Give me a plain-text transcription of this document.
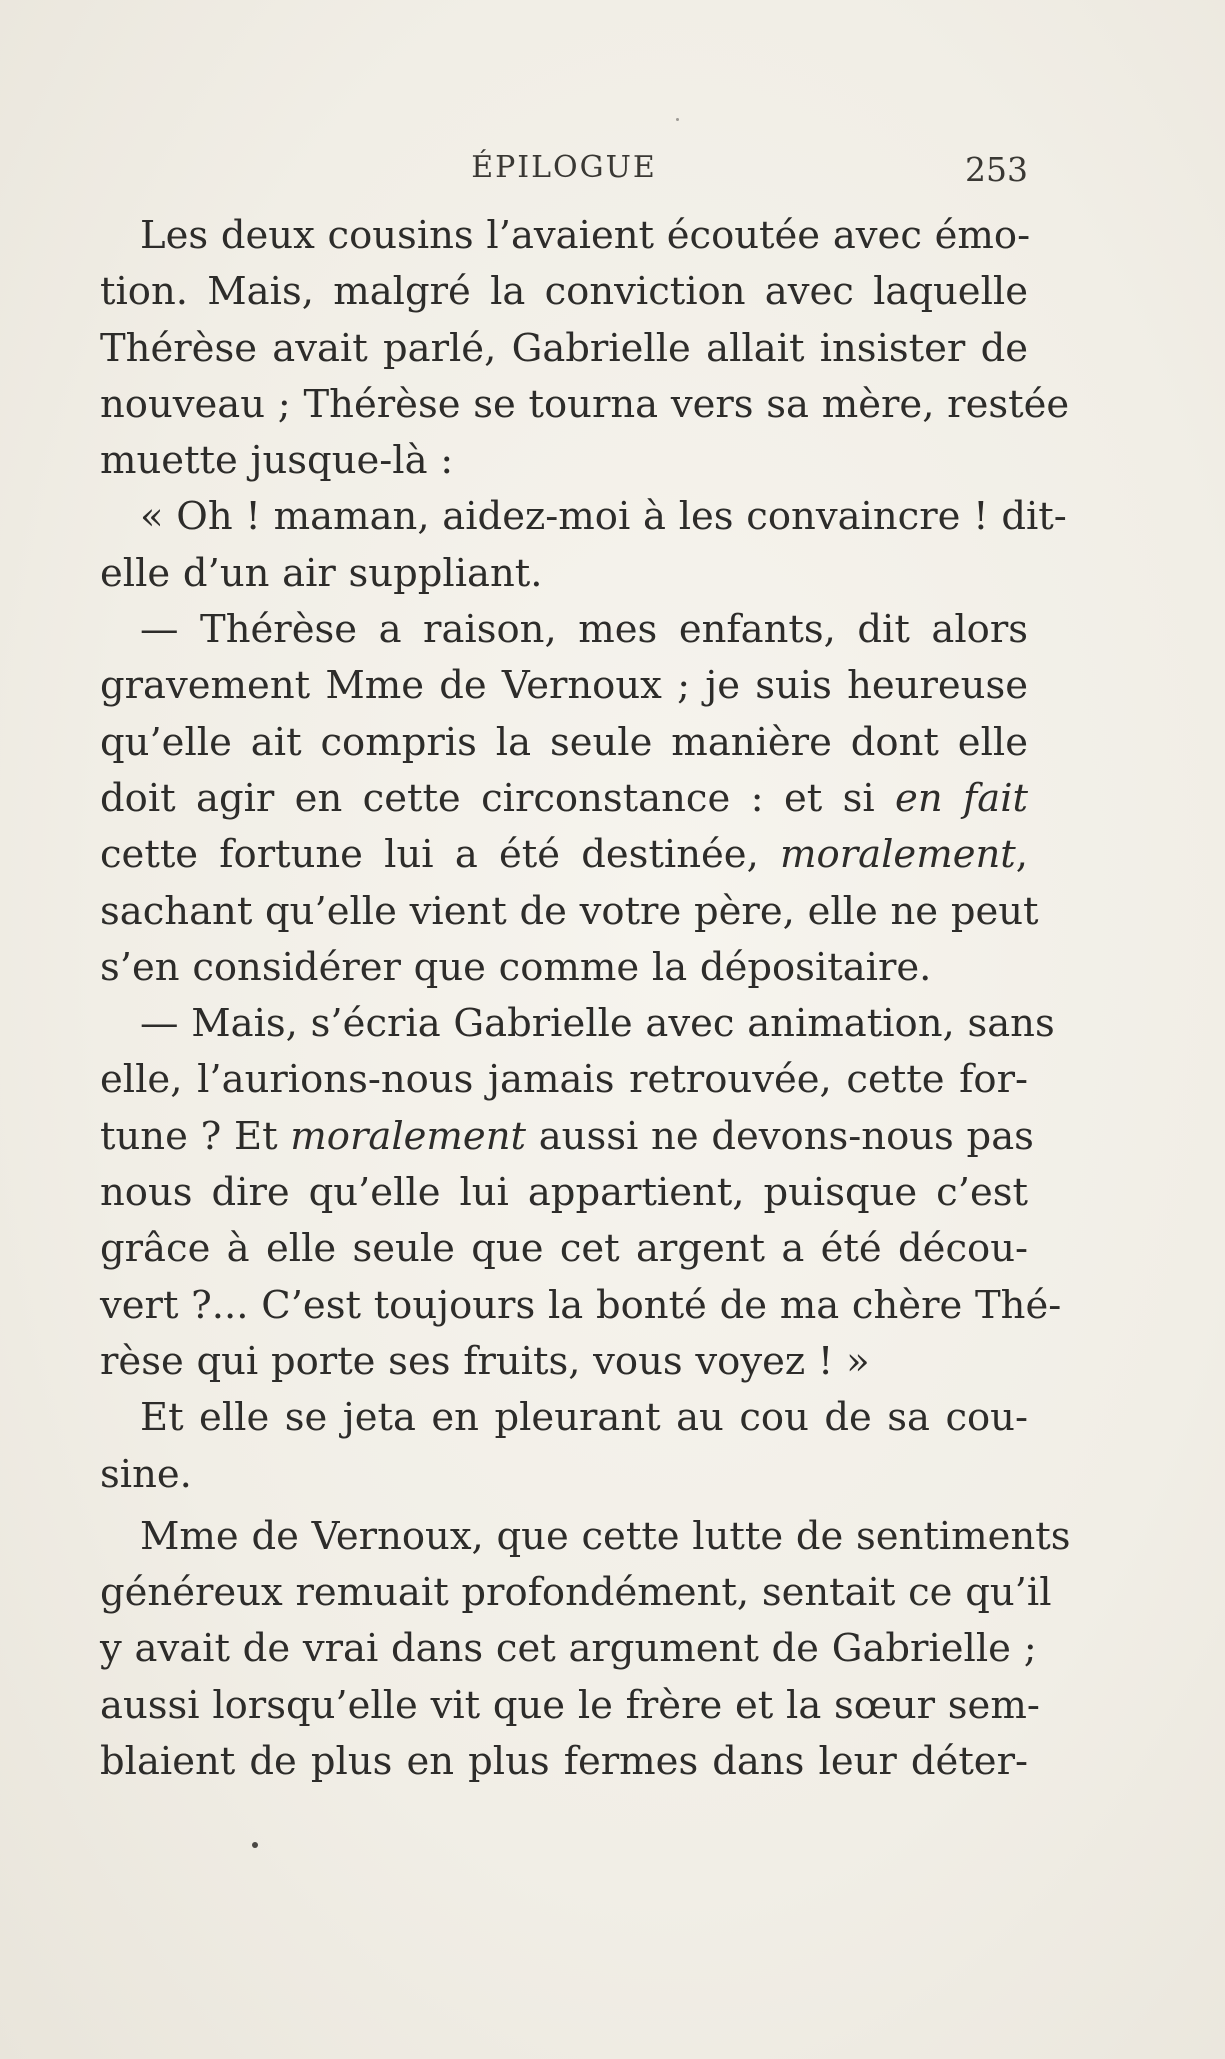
ÉPILOGUE	253
Les deux cousins l’avaient écoutée avec émo-
tion. Mais, malgré la conviction avec laquelle
Thérèse avait parlé, Gabrielle allait insister de
nouveau ; Thérèse se tourna vers sa mère, restée
muette jusque-là :
« Oh ! maman, aidez-moi à les convaincre ! dit-
elle d’un air suppliant.
— Thérèse a raison, mes enfants, dit alors
gravement Mme de Vernoux ; je suis heureuse
qu’elle ait compris la seule manière dont elle
doit agir en cette circonstance : et si en fait
cette fortune lui a été destinée, moralement,
sachant qu’elle vient de votre père, elle ne peut
s’en considérer que comme la dépositaire.
— Mais, s’écria Gabrielle avec animation, sans
elle, l’aurions-nous jamais retrouvée, cette for-
tune ? Et moralement aussi ne devons-nous pas
nous dire qu’elle lui appartient, puisque c’est
grâce à elle seule que cet argent a été décou-
vert ?... C’est toujours la bonté de ma chère Thé-
rèse qui porte ses fruits, vous voyez ! »
Et elle se jeta en pleurant au cou de sa cou-
sine.
Mme de Vernoux, que cette lutte de sentiments
généreux remuait profondément, sentait ce qu’il
y avait de vrai dans cet argument de Gabrielle ;
aussi lorsqu’elle vit que le frère et la sœur sem-
blaient de plus en plus fermes dans leur déter-
